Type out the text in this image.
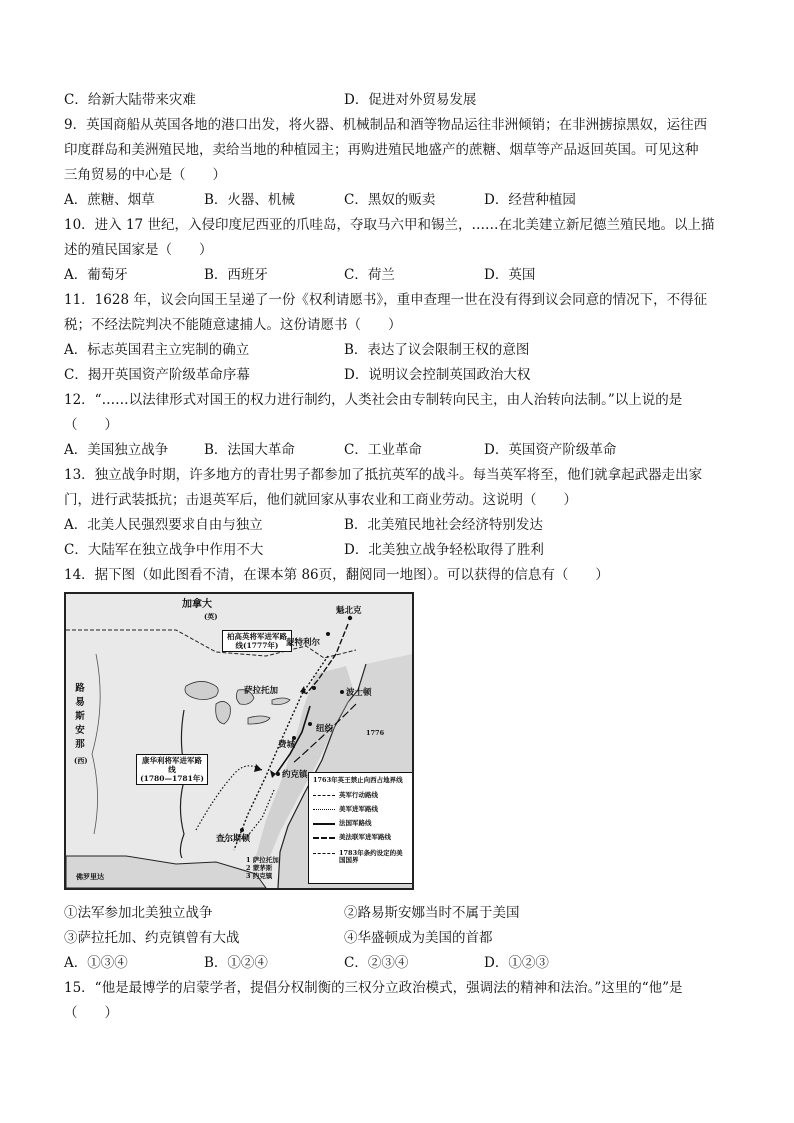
C．给新大陆带来灾难	D．促进对外贸易发展
9．英国商船从英国各地的港口出发，将火器、机械制品和酒等物品运往非洲倾销；在非洲掳掠黑奴，运往西
印度群岛和美洲殖民地，卖给当地的种植园主；再购进殖民地盛产的蔗糖、烟草等产品返回英国。可见这种
三角贸易的中心是（　　）
A．蔗糖、烟草	B．火器、机械	C．黑奴的贩卖	D．经营种植园
10．进入 17 世纪，入侵印度尼西亚的爪哇岛，夺取马六甲和锡兰，……在北美建立新尼德兰殖民地。以上描
述的殖民国家是（　　）
A．葡萄牙	B．西班牙	C．荷兰	D．英国
11．1628 年，议会向国王呈递了一份《权利请愿书》，重申查理一世在没有得到议会同意的情况下，不得征
税；不经法院判决不能随意逮捕人。这份请愿书（　　）
A．标志英国君主立宪制的确立	B．表达了议会限制王权的意图
C．揭开英国资产阶级革命序幕	D．说明议会控制英国政治大权
12．“……以法律形式对国王的权力进行制约，人类社会由专制转向民主，由人治转向法制。”以上说的是
（　　）
A．美国独立战争	B．法国大革命	C．工业革命	D．英国资产阶级革命
13．独立战争时期，许多地方的青壮男子都参加了抵抗英军的战斗。每当英军将至，他们就拿起武器走出家
门，进行武装抵抗；击退英军后，他们就回家从事农业和工商业劳动。这说明（　　）
A．北美人民强烈要求自由与独立	B．北美殖民地社会经济特别发达
C．大陆军在独立战争中作用不大	D．北美独立战争轻松取得了胜利
14．据下图（如此图看不清，在课本第 86页，翻阅同一地图）。可以获得的信息有（　　）
加拿大
(英)
路易斯安那
(西)
柏高英将军进军路线(1777年)
康华利将军进军路线
(1780—1781年)
魁北克
蒙特利尔
萨拉托加	波士顿
纽约
费城
约克镇
查尔斯顿
1776
佛罗里达
1 萨拉托加
2 蒙茅斯
3 约克镇
1763年英王禁止向西占地界线
英军行动路线
美军进军路线
法国军路线
美法联军进军路线
1783年条约设定的美国国界
①法军参加北美独立战争	②路易斯安娜当时不属于美国
③萨拉托加、约克镇曾有大战	④华盛顿成为美国的首都
A．①③④	B．①②④	C．②③④	D．①②③
15．“他是最博学的启蒙学者，提倡分权制衡的三权分立政治模式，强调法的精神和法治。”这里的“他”是
（　　）
